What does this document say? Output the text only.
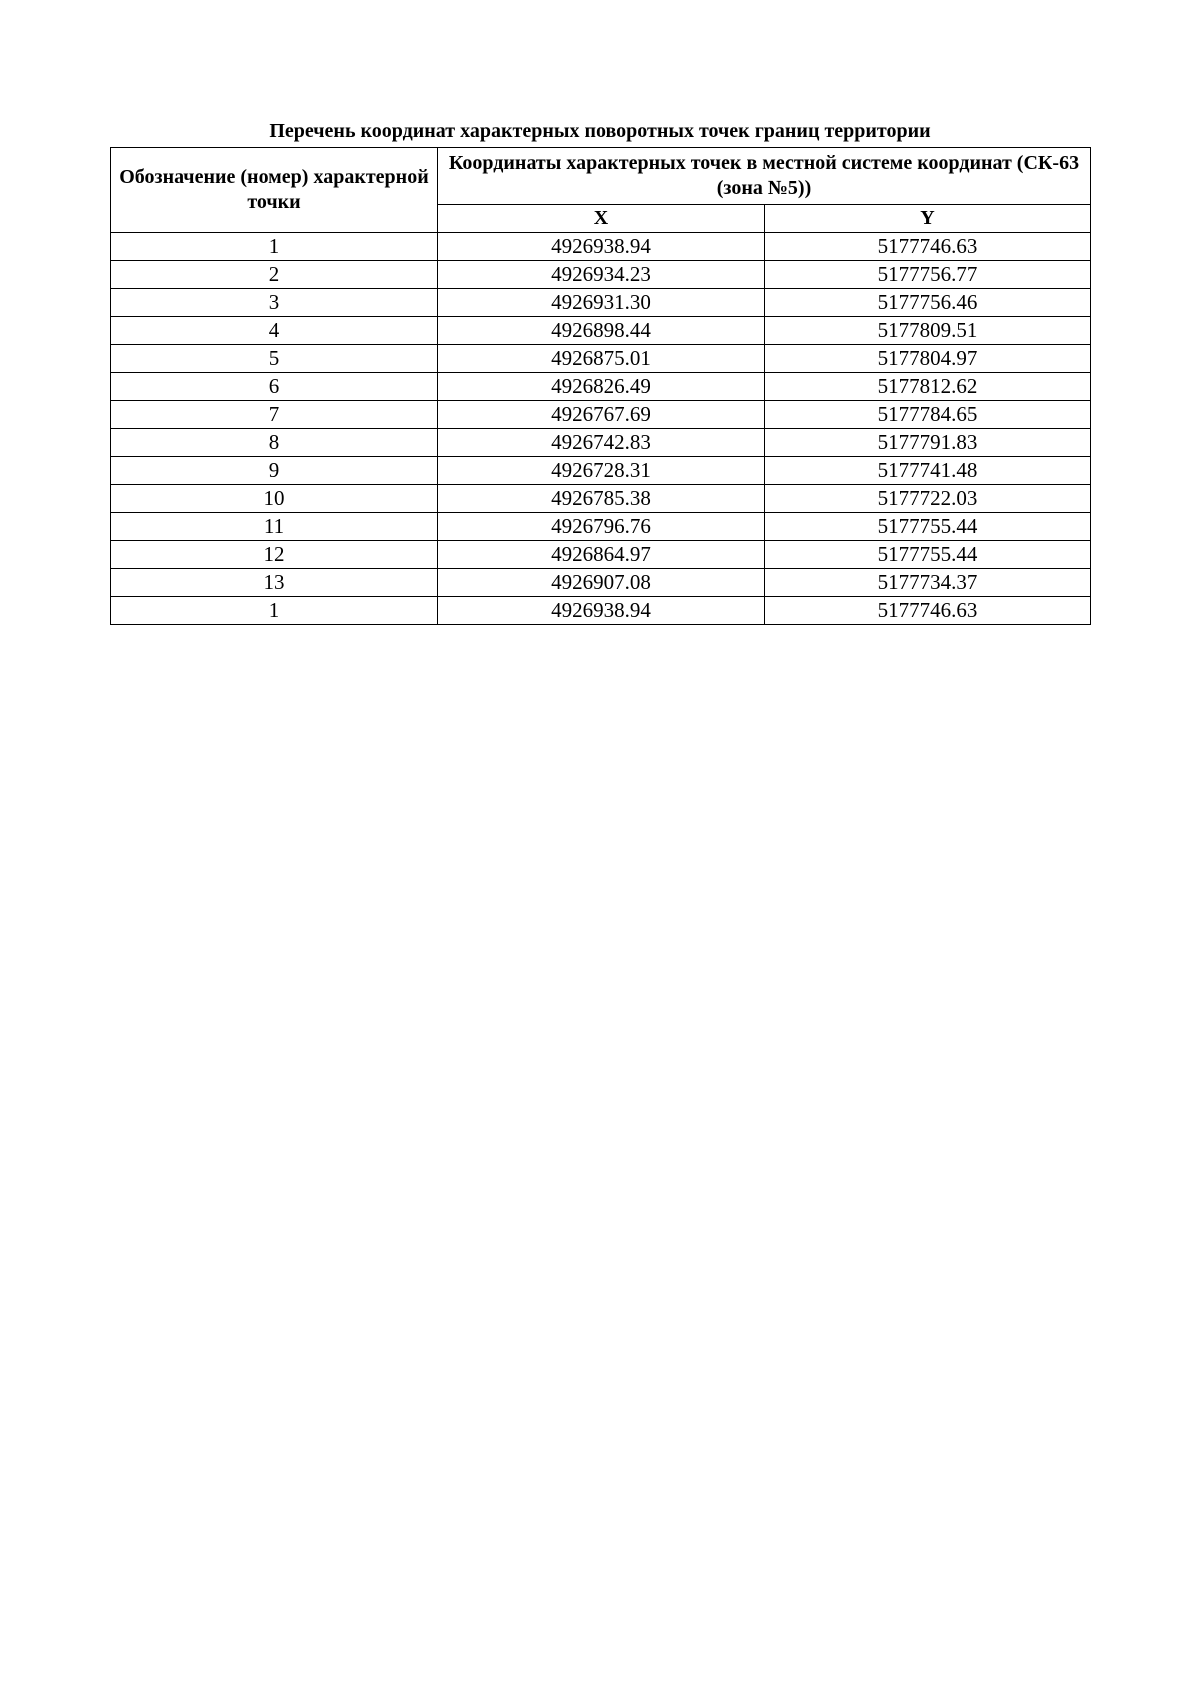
Перечень координат характерных поворотных точек границ территории
Обозначение (номер) характерной точки	Координаты характерных точек в местной системе координат (СК-63 (зона №5))	
	X	Y
1	4926938.94	5177746.63
2	4926934.23	5177756.77
3	4926931.30	5177756.46
4	4926898.44	5177809.51
5	4926875.01	5177804.97
6	4926826.49	5177812.62
7	4926767.69	5177784.65
8	4926742.83	5177791.83
9	4926728.31	5177741.48
10	4926785.38	5177722.03
11	4926796.76	5177755.44
12	4926864.97	5177755.44
13	4926907.08	5177734.37
1	4926938.94	5177746.63
